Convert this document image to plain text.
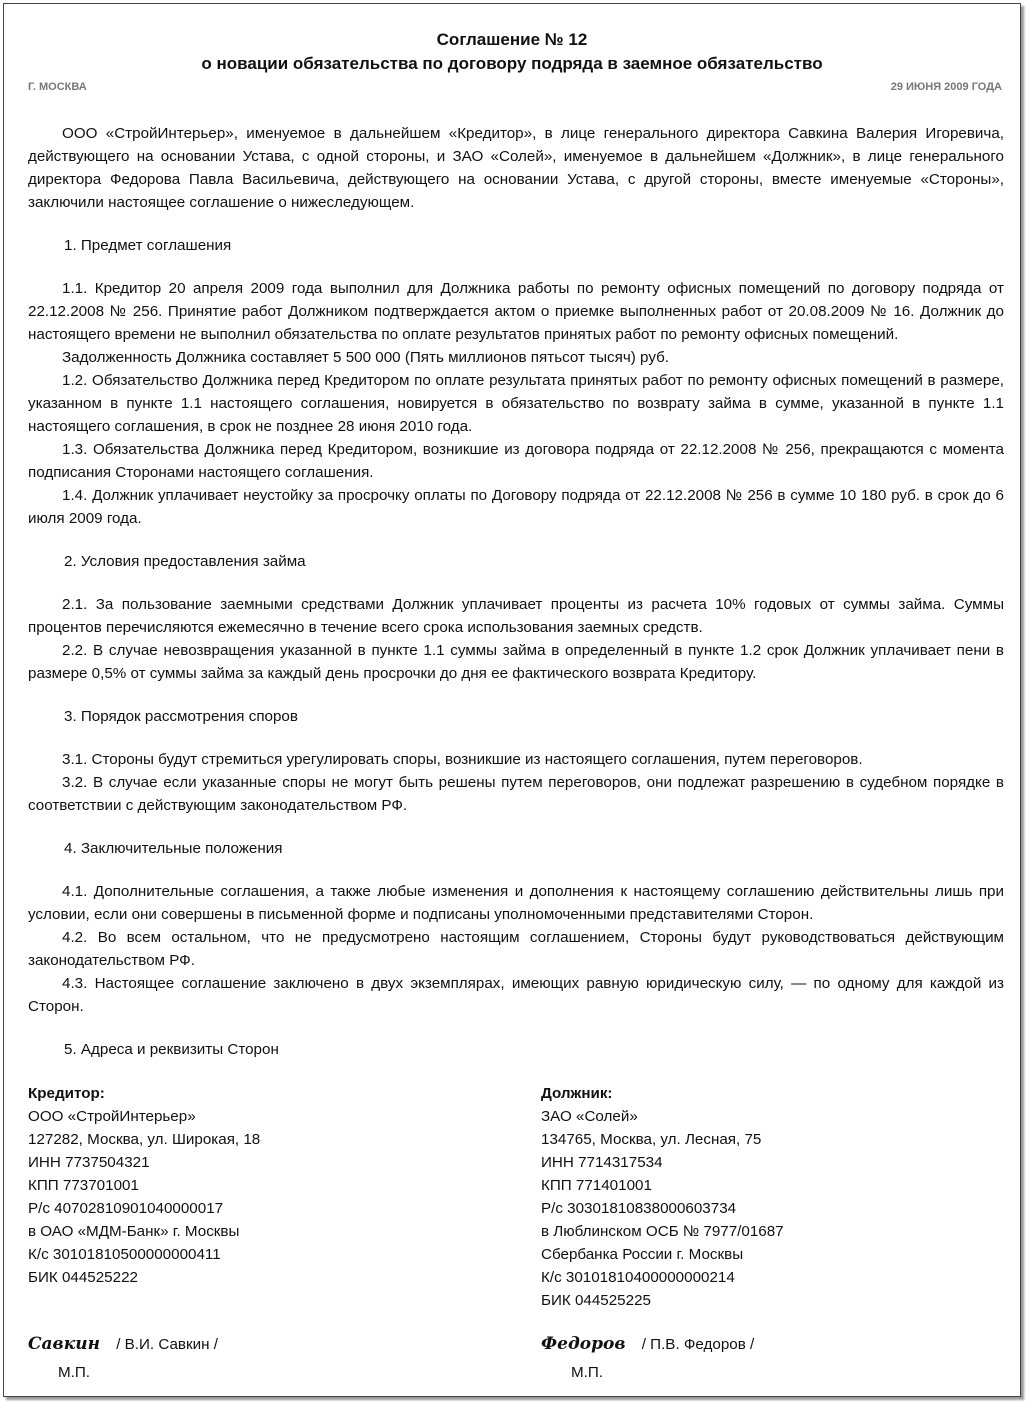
Соглашение № 12
о новации обязательства по договору подряда в заемное обязательство
Г. МОСКВА	29 ИЮНЯ 2009 ГОДА

ООО «СтройИнтерьер», именуемое в дальнейшем «Кредитор», в лице генерального директора Савкина Валерия Игоревича, действующего на основании Устава, с одной стороны, и ЗАО «Солей», именуемое в дальнейшем «Должник», в лице генерального директора Федорова Павла Васильевича, действующего на основании Устава, с другой стороны, вместе именуемые «Стороны», заключили настоящее соглашение о нижеследующем.

1. Предмет соглашения

1.1. Кредитор 20 апреля 2009 года выполнил для Должника работы по ремонту офисных помещений по договору подряда от 22.12.2008 № 256. Принятие работ Должником подтверждается актом о приемке выполненных работ от 20.08.2009 № 16. Должник до настоящего времени не выполнил обязательства по оплате результатов принятых работ по ремонту офисных помещений.

Задолженность Должника составляет 5 500 000 (Пять миллионов пятьсот тысяч) руб.

1.2. Обязательство Должника перед Кредитором по оплате результата принятых работ по ремонту офисных помещений в размере, указанном в пункте 1.1 настоящего соглашения, новируется в обязательство по возврату займа в сумме, указанной в пункте 1.1 настоящего соглашения, в срок не позднее 28 июня 2010 года.

1.3. Обязательства Должника перед Кредитором, возникшие из договора подряда от 22.12.2008 № 256, прекращаются с момента подписания Сторонами настоящего соглашения.

1.4. Должник уплачивает неустойку за просрочку оплаты по Договору подряда от 22.12.2008 № 256 в сумме 10 180 руб. в срок до 6 июля 2009 года.

2. Условия предоставления займа

2.1. За пользование заемными средствами Должник уплачивает проценты из расчета 10% годовых от суммы займа. Суммы процентов перечисляются ежемесячно в течение всего срока использования заемных средств.

2.2. В случае невозвращения указанной в пункте 1.1 суммы займа в определенный в пункте 1.2 срок Должник уплачивает пени в размере 0,5% от суммы займа за каждый день просрочки до дня ее фактического возврата Кредитору.

3. Порядок рассмотрения споров

3.1. Стороны будут стремиться урегулировать споры, возникшие из настоящего соглашения, путем переговоров.

3.2. В случае если указанные споры не могут быть решены путем переговоров, они подлежат разрешению в судебном порядке в соответствии с действующим законодательством РФ.

4. Заключительные положения

4.1. Дополнительные соглашения, а также любые изменения и дополнения к настоящему соглашению действительны лишь при условии, если они совершены в письменной форме и подписаны уполномоченными представителями Сторон.

4.2. Во всем остальном, что не предусмотрено настоящим соглашением, Стороны будут руководствоваться действующим законодательством РФ.

4.3. Настоящее соглашение заключено в двух экземплярах, имеющих равную юридическую силу, — по одному для каждой из Сторон.

5. Адреса и реквизиты Сторон
Кредитор:
ООО «СтройИнтерьер»
127282, Москва, ул. Широкая, 18
ИНН 7737504321
КПП 773701001
Р/с 40702810901040000017
в ОАО «МДМ-Банк» г. Москвы
К/с 30101810500000000411
БИК 044525222
Должник:
ЗАО «Солей»
134765, Москва, ул. Лесная, 75
ИНН 7714317534
КПП 771401001
Р/с 30301810838000603734
в Люблинском ОСБ № 7977/01687
Сбербанка России г. Москвы
К/с 30101810400000000214
БИК 044525225
Савкин / В.И. Савкин /
М.П.
Федоров / П.В. Федоров /
М.П.
